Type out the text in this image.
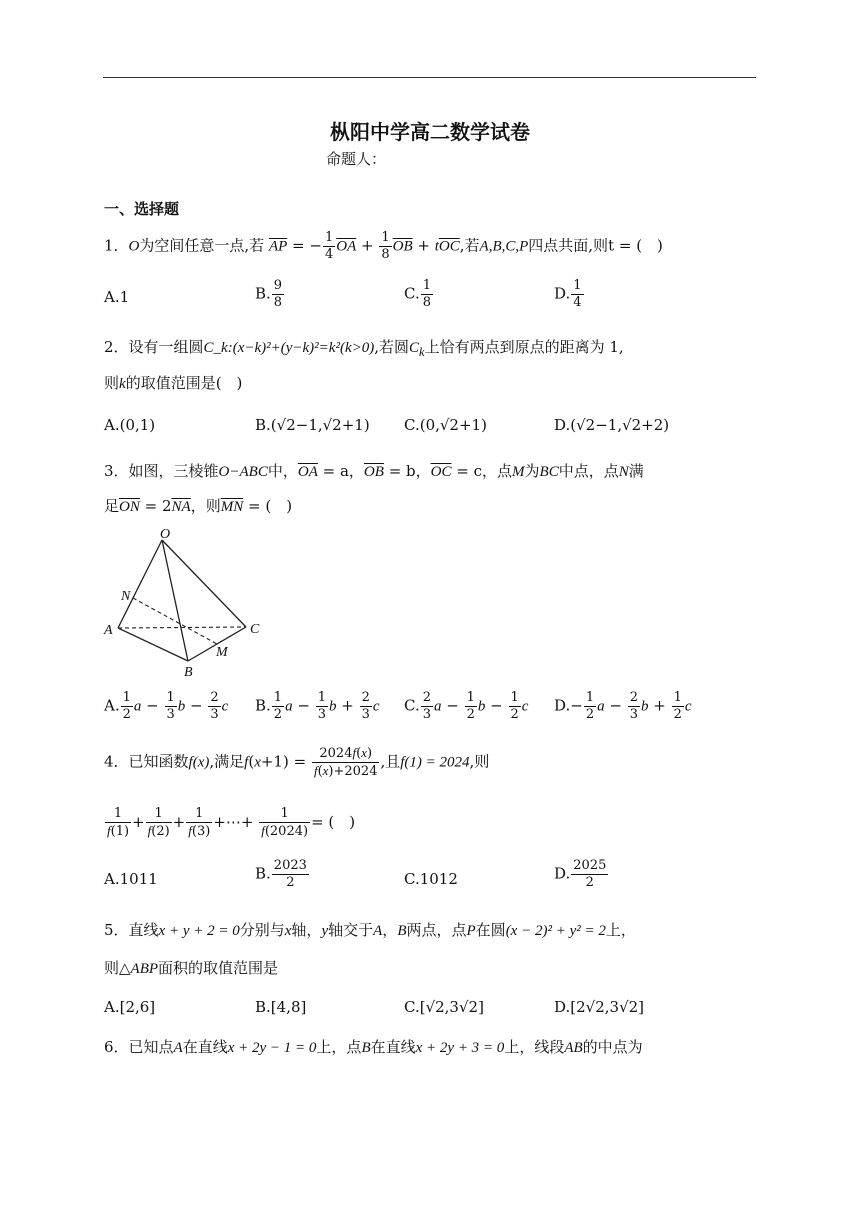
枞阳中学高二数学试卷
命题人：
一、选择题
1．O为空间任意一点,若 $\overline{AP}$ = − $\frac{1}{4} \overline{OA} + \frac{1}{8} \overline{OB} + t\overline{OC}$,若A,B,C,P四点共面,则t = (　)
A.1	B. $\frac{9}{8}$	C. $\frac{1}{8}$	D. $\frac{1}{4}$
2．设有一组圆C_k:(x−k)²+(y−k)²=k²(k>0),若圆$C_k$上恰有两点到原点的距离为 1,
则k的取值范围是(　)
A.(0,1)	B.(√2−1,√2+1) C.(0,√2+1)	D.(√2−1,√2+2)
3．如图，三棱锥O−ABC中，$\overline{OA} = a$，$\overline{OB} = b$，$\overline{OC} = c$，点M为BC中点，点N满
足$\overline{ON} = 2\overline{NA}$，则$\overline{MN}$ = (　)
O
N
A	C
M
B
A. $\frac{1}{2}$ $a - \frac{1}{3}$ $b - \frac{2}{3}$ c B. $\frac{1}{2}$ $a - \frac{1}{3}$ $b + \frac{2}{3}$ c C. $\frac{2}{3}$ $a - \frac{1}{2}$ $b - \frac{1}{2}$ c $D.- \frac{1}{2}$ $a - \frac{2}{3}$ $b + \frac{1}{2}$ c
4．已知函数f(x),满足$f(x+1) = \frac{2024f(x)}{f(x)+2024}$ ,且f(1) = 2024,则
$\frac{1}{f(1)} + \frac{1}{f(2)} + \frac{1}{f(3)}$ +⋯+ $\frac{1}{f(2024)}$ = (　)
A.1011	B. $\frac{2023}{2}$	C.1012	D. $\frac{2025}{2}$
5．直线x + y + 2 = 0分别与x轴，y轴交于A，B两点，点P在圆(x − 2)² + y² = 2上，
则△ABP面积的取值范围是
A.[2,6]	B.[4,8]	C.[√2,3√2]	D.[2√2,3√2]
6．已知点A在直线x + 2y − 1 = 0上，点B在直线x + 2y + 3 = 0上，线段AB的中点为
